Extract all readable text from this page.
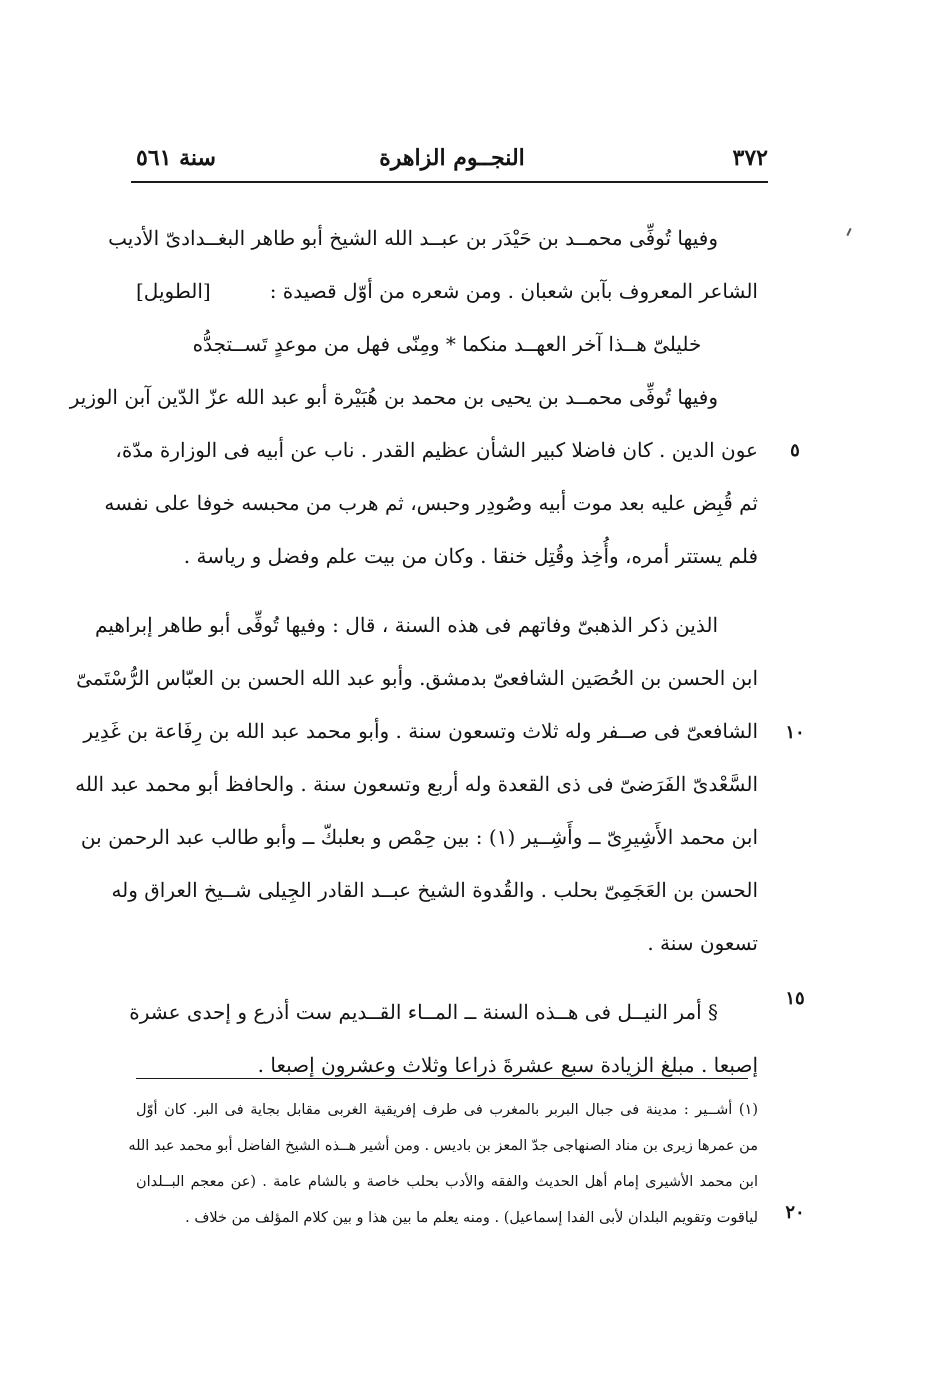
٣٧٢
النجــوم الزاهرة
سنة ٥٦١
وفيها تُوفِّى محمــد بن حَيْدَر بن عبــد الله الشيخ أبو طاهر البغــدادىّ الأديب
الشاعر المعروف بآبن شعبان . ومن شعره من أوّل قصيدة :
[الطويل]
خليلىّ هــذا آخر العهــد منكما * ومِنّى فهل من موعدٍ تَســتجدُّه
وفيها تُوفِّى محمــد بن يحيى بن محمد بن هُبَيْرة أبو عبد الله عزّ الدّين آبن الوزير
عون الدين . كان فاضلا كبير الشأن عظيم القدر . ناب عن أبيه فى الوزارة مدّة،
ثم قُبِض عليه بعد موت أبيه وصُودِر وحبس، ثم هرب من محبسه خوفا على نفسه
فلم يستتر أمره، وأُخِذ وقُتِل خنقا . وكان من بيت علم وفضل و رياسة .
الذين ذكر الذهبىّ وفاتهم فى هذه السنة ، قال : وفيها تُوفِّى أبو طاهر إبراهيم
ابن الحسن بن الحُصَين الشافعىّ بدمشق. وأبو عبد الله الحسن بن العبّاس الرُّسْتَمىّ
الشافعىّ فى صــفر وله ثلاث وتسعون سنة . وأبو محمد عبد الله بن رِفَاعة بن غَدِير
السَّعْدىّ الفَرَضىّ فى ذى القعدة وله أربع وتسعون سنة . والحافظ أبو محمد عبد الله
ابن محمد الأَشِيرِىّ ــ وأَشِــير (١) : بين حِمْص و بعلبكّ ــ وأبو طالب عبد الرحمن بن
الحسن بن العَجَمِىّ بحلب . والقُدوة الشيخ عبــد القادر الجِيلى شــيخ العراق وله
تسعون سنة .
§ أمر النيــل فى هــذه السنة ــ المــاء القــديم ست أذرع و إحدى عشرة
إصبعا . مبلغ الزيادة سبع عشرةَ ذراعا وثلاث وعشرون إصبعا .
٥
١٠
١٥
٢٠
(١) أشــير : مدينة فى جبال البربر بالمغرب فى طرف إفريقية الغربى مقابل بجاية فى البر. كان أوّل
من عمرها زيرى بن مناد الصنهاجى جدّ المعز بن باديس . ومن أشير هــذه الشيخ الفاضل أبو محمد عبد الله
ابن محمد الأشيرى إمام أهل الحديث والفقه والأدب بحلب خاصة و بالشام عامة . (عن معجم البــلدان
لياقوت وتقويم البلدان لأبى الفدا إسماعيل) . ومنه يعلم ما بين هذا و بين كلام المؤلف من خلاف .
